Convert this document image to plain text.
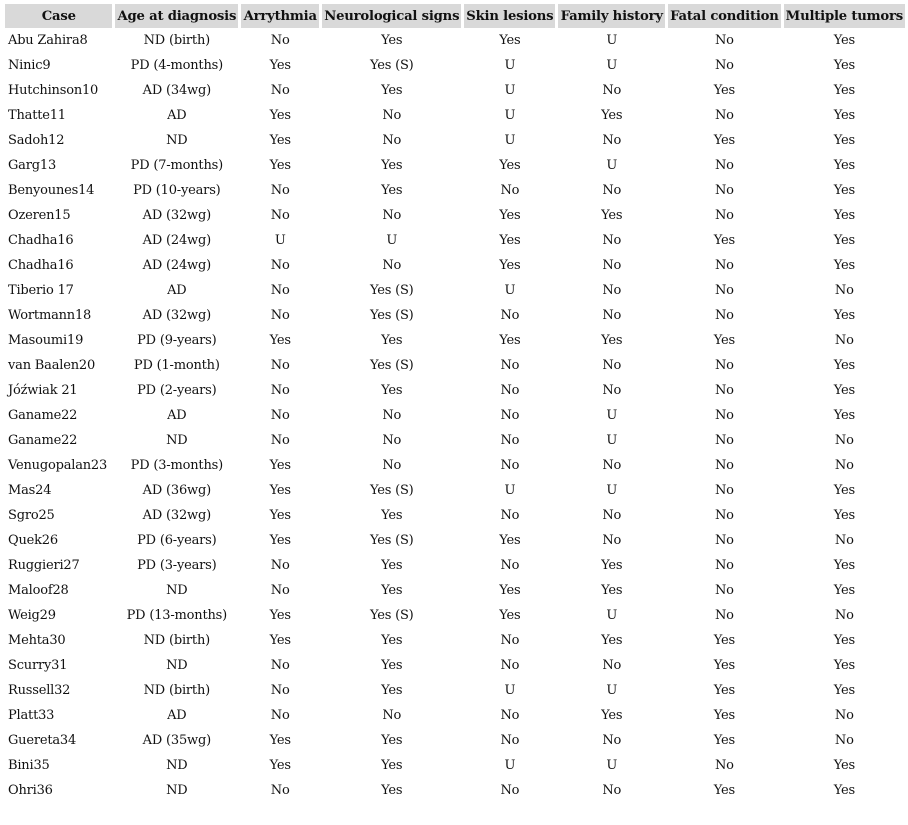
Case	Age at diagnosis	Arrythmia	Neurological signs	Skin lesions	Family history	Fatal condition	Multiple tumors
Abu Zahira8	ND (birth)	No	Yes	Yes	U	No	Yes
Ninic9	PD (4-months)	Yes	Yes (S)	U	U	No	Yes
Hutchinson10	AD (34wg)	No	Yes	U	No	Yes	Yes
Thatte11	AD	Yes	No	U	Yes	No	Yes
Sadoh12	ND	Yes	No	U	No	Yes	Yes
Garg13	PD (7-months)	Yes	Yes	Yes	U	No	Yes
Benyounes14	PD (10-years)	No	Yes	No	No	No	Yes
Ozeren15	AD (32wg)	No	No	Yes	Yes	No	Yes
Chadha16	AD (24wg)	U	U	Yes	No	Yes	Yes
Chadha16	AD (24wg)	No	No	Yes	No	No	Yes
Tiberio 17	AD	No	Yes (S)	U	No	No	No
Wortmann18	AD (32wg)	No	Yes (S)	No	No	No	Yes
Masoumi19	PD (9-years)	Yes	Yes	Yes	Yes	Yes	No
van Baalen20	PD (1-month)	No	Yes (S)	No	No	No	Yes
Jóźwiak 21	PD (2-years)	No	Yes	No	No	No	Yes
Ganame22	AD	No	No	No	U	No	Yes
Ganame22	ND	No	No	No	U	No	No
Venugopalan23	PD (3-months)	Yes	No	No	No	No	No
Mas24	AD (36wg)	Yes	Yes (S)	U	U	No	Yes
Sgro25	AD (32wg)	Yes	Yes	No	No	No	Yes
Quek26	PD (6-years)	Yes	Yes (S)	Yes	No	No	No
Ruggieri27	PD (3-years)	No	Yes	No	Yes	No	Yes
Maloof28	ND	No	Yes	Yes	Yes	No	Yes
Weig29	PD (13-months)	Yes	Yes (S)	Yes	U	No	No
Mehta30	ND (birth)	Yes	Yes	No	Yes	Yes	Yes
Scurry31	ND	No	Yes	No	No	Yes	Yes
Russell32	ND (birth)	No	Yes	U	U	Yes	Yes
Platt33	AD	No	No	No	Yes	Yes	No
Guereta34	AD (35wg)	Yes	Yes	No	No	Yes	No
Bini35	ND	Yes	Yes	U	U	No	Yes
Ohri36	ND	No	Yes	No	No	Yes	Yes
